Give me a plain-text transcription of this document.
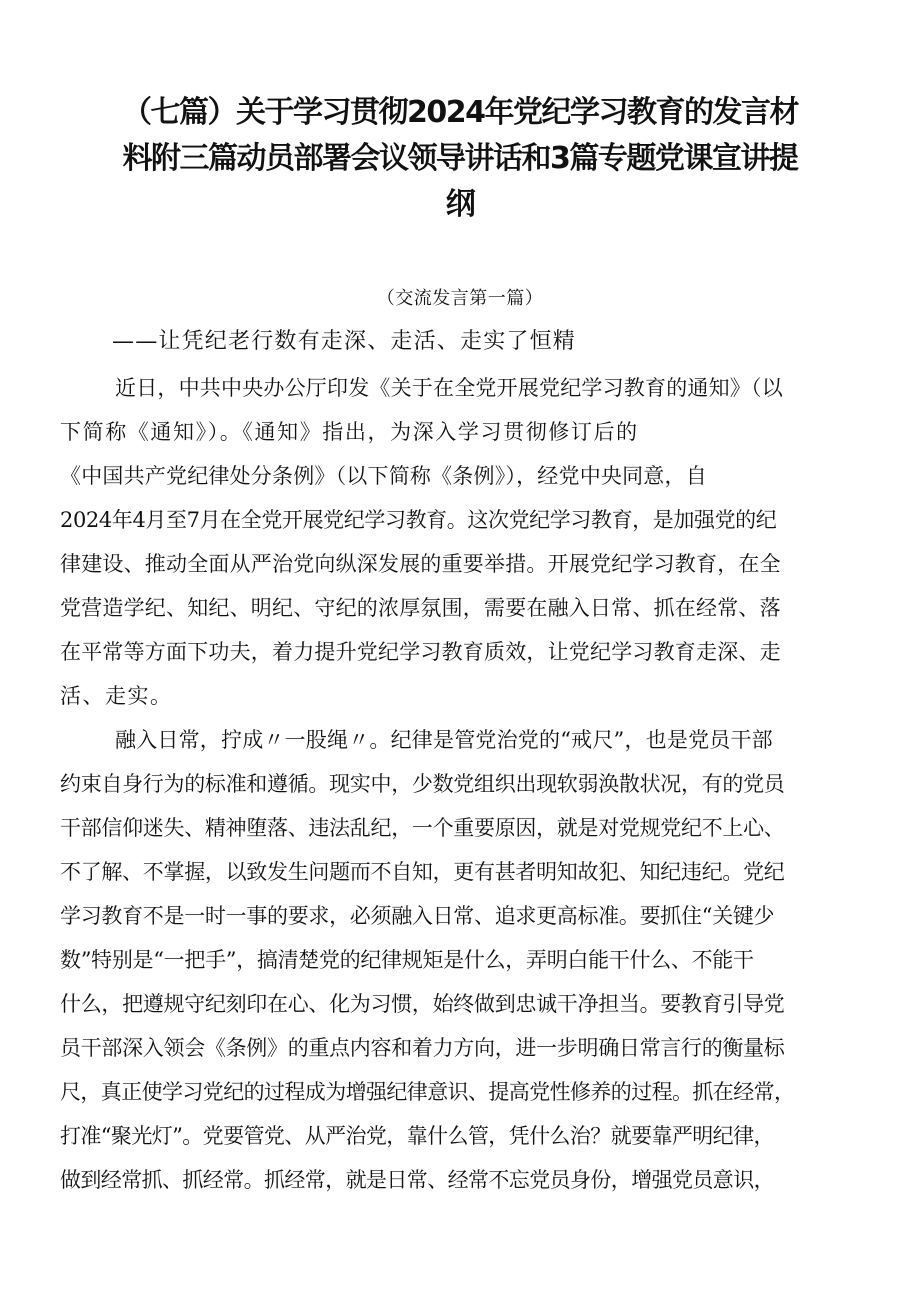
（七篇）关于学习贯彻2024年党纪学习教育的发言材
料附三篇动员部署会议领导讲话和3篇专题党课宣讲提
纲
（交流发言第一篇）
——让凭纪老行数有走深、走活、走实了恒精
近日，中共中央办公厅印发《关于在全党开展党纪学习教育的通知》（以
下简称《通知》）。《通知》指出，为深入学习贯彻修订后的
《中国共产党纪律处分条例》（以下简称《条例》），经党中央同意，自
2024年4月至7月在全党开展党纪学习教育。这次党纪学习教育，是加强党的纪
律建设、推动全面从严治党向纵深发展的重要举措。开展党纪学习教育，在全
党营造学纪、知纪、明纪、守纪的浓厚氛围，需要在融入日常、抓在经常、落
在平常等方面下功夫，着力提升党纪学习教育质效，让党纪学习教育走深、走
活、走实。
融入日常，拧成〃一股绳〃。纪律是管党治党的“戒尺”，也是党员干部
约束自身行为的标准和遵循。现实中，少数党组织出现软弱涣散状况，有的党员
干部信仰迷失、精神堕落、违法乱纪，一个重要原因，就是对党规党纪不上心、
不了解、不掌握，以致发生问题而不自知，更有甚者明知故犯、知纪违纪。党纪
学习教育不是一时一事的要求，必须融入日常、追求更高标准。要抓住“关键少
数”特别是“一把手”，搞清楚党的纪律规矩是什么，弄明白能干什么、不能干
什么，把遵规守纪刻印在心、化为习惯，始终做到忠诚干净担当。要教育引导党
员干部深入领会《条例》的重点内容和着力方向，进一步明确日常言行的衡量标
尺，真正使学习党纪的过程成为增强纪律意识、提高党性修养的过程。抓在经常，
打准“聚光灯”。党要管党、从严治党，靠什么管，凭什么治？就要靠严明纪律，
做到经常抓、抓经常。抓经常，就是日常、经常不忘党员身份，增强党员意识，
